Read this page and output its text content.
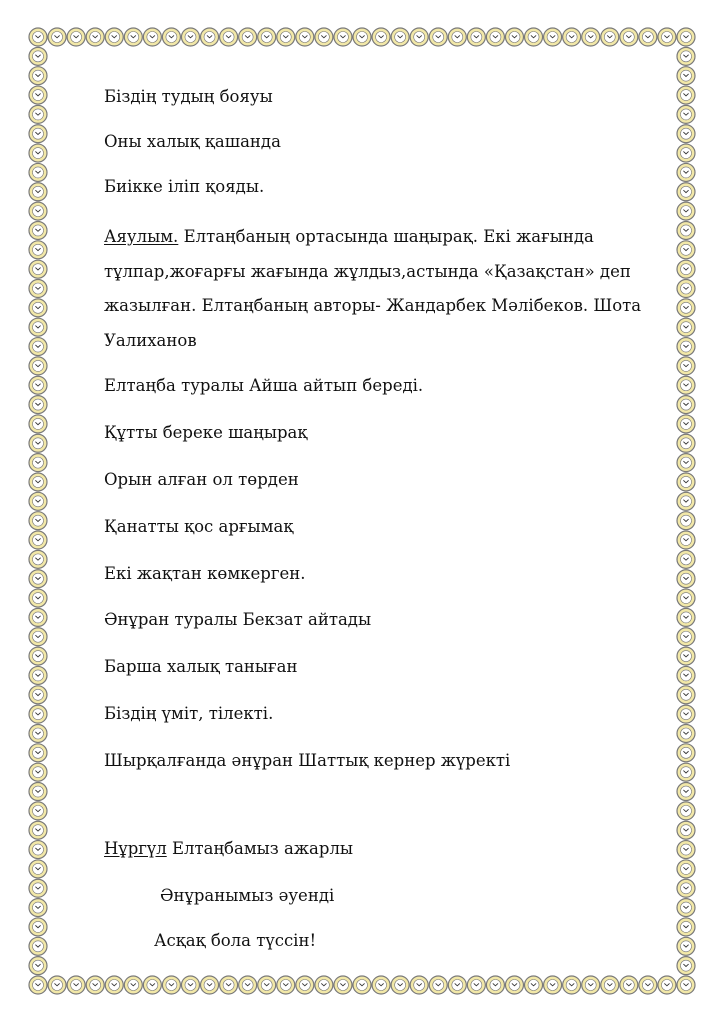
Біздің тудың бояуы
Оны халық қашанда
Биікке іліп қояды.
Аяулым. Елтаңбаның ортасында шаңырақ. Екі жағында
тұлпар,жоғарғы жағында жұлдыз,астында «Қазақстан» деп
жазылған. Елтаңбаның авторы- Жандарбек Мәлібеков. Шота
Уалиханов
Елтаңба туралы Айша айтып береді.
Құтты береке шаңырақ
Орын алған ол төрден
Қанатты қос арғымақ
Екі жақтан көмкерген.
Әнұран туралы Бекзат айтады
Барша халық таныған
Біздің үміт, тілекті.
Шырқалғанда әнұран Шаттық кернер жүректі
Нұргүл Елтаңбамыз ажарлы
Әнұранымыз әуенді
Асқақ бола түссін!
